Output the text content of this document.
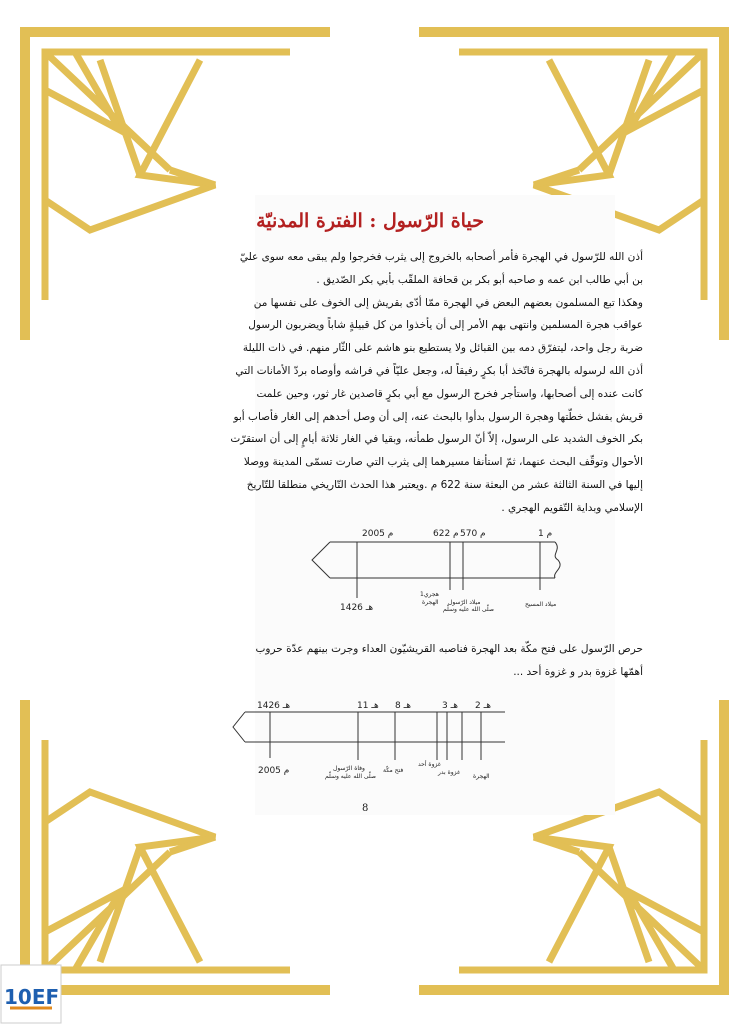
حياة الرّسول : الفترة المدنيّة
أذن الله للرّسول في الهجرة فأمر أصحابه بالخروج إلى يثرب فخرجوا ولم يبقى معه سوى عليّ
بن أبي طالب ابن عمه و صاحبه أبو بكر بن قحافة الملقّب بأبي بكر الصّديق .
وهكذا تبع المسلمون بعضهم البعض في الهجرة ممّا أدّى بقريش إلى الخوف على نفسها من
عواقب هجرة المسلمين وانتهى بهم الأمر إلى أن يأخذوا من كل قبيلةٍ شاباً ويضربون الرسول
ضربة رجل واحد، ليتفرّق دمه بين القبائل ولا يستطيع بنو هاشم على الثّار منهم. في ذات الليلة
أذن الله لرسوله بالهجرة فاتّخذ أبا بكرٍ رفيقاً له، وجعل عليّاً في فراشه وأوصاه بردّ الأمانات التي
كانت عنده إلى أصحابها، واستأجر فخرج الرسول مع أبي بكرٍ قاصدين غار ثور، وحين علمت
قريش بفشل خطّتها وهجرة الرسول بدأوا بالبحث عنه، إلى أن وصل أحدهم إلى الغار فأصاب أبو
بكر الخوف الشديد على الرسول، إلاّ أنّ الرسول طمأنه، وبقيا في الغار ثلاثة أيامٍ إلى أن استقرّت
الأحوال وتوقّف البحث عنهما، ثمّ استأنفا مسيرهما إلى يثرب التي صارت تسمّى المدينة ووصلا
إليها في السنة الثالثة عشر من البعثة سنة 622 م .ويعتبر هذا الحدث التّاريخي منطلقا للتّاريخ
الإسلامي وبداية التّقويم الهجري .
2005 م	622 م 570 م	1 م
1426 هـ
1هجري
الهجرة ميلاد الرّسول
صلّى الله عليه وسلّم
ميلاد المسيح
حرص الرّسول على فتح مكّة بعد الهجرة فناصبه القريشيّون العداء وجرت بينهم عدّة حروب
أهمّها غزوة بدر و غزوة أحد ...
1426 هـ	11 هـ 8 هـ	3 هـ 2 هـ
2005 م	وفاة الرّسول
صلّى الله عليه وسلّم
فتح مكّة
غزوة أحد
غزوة بدر
الهجرة
8
10EF
